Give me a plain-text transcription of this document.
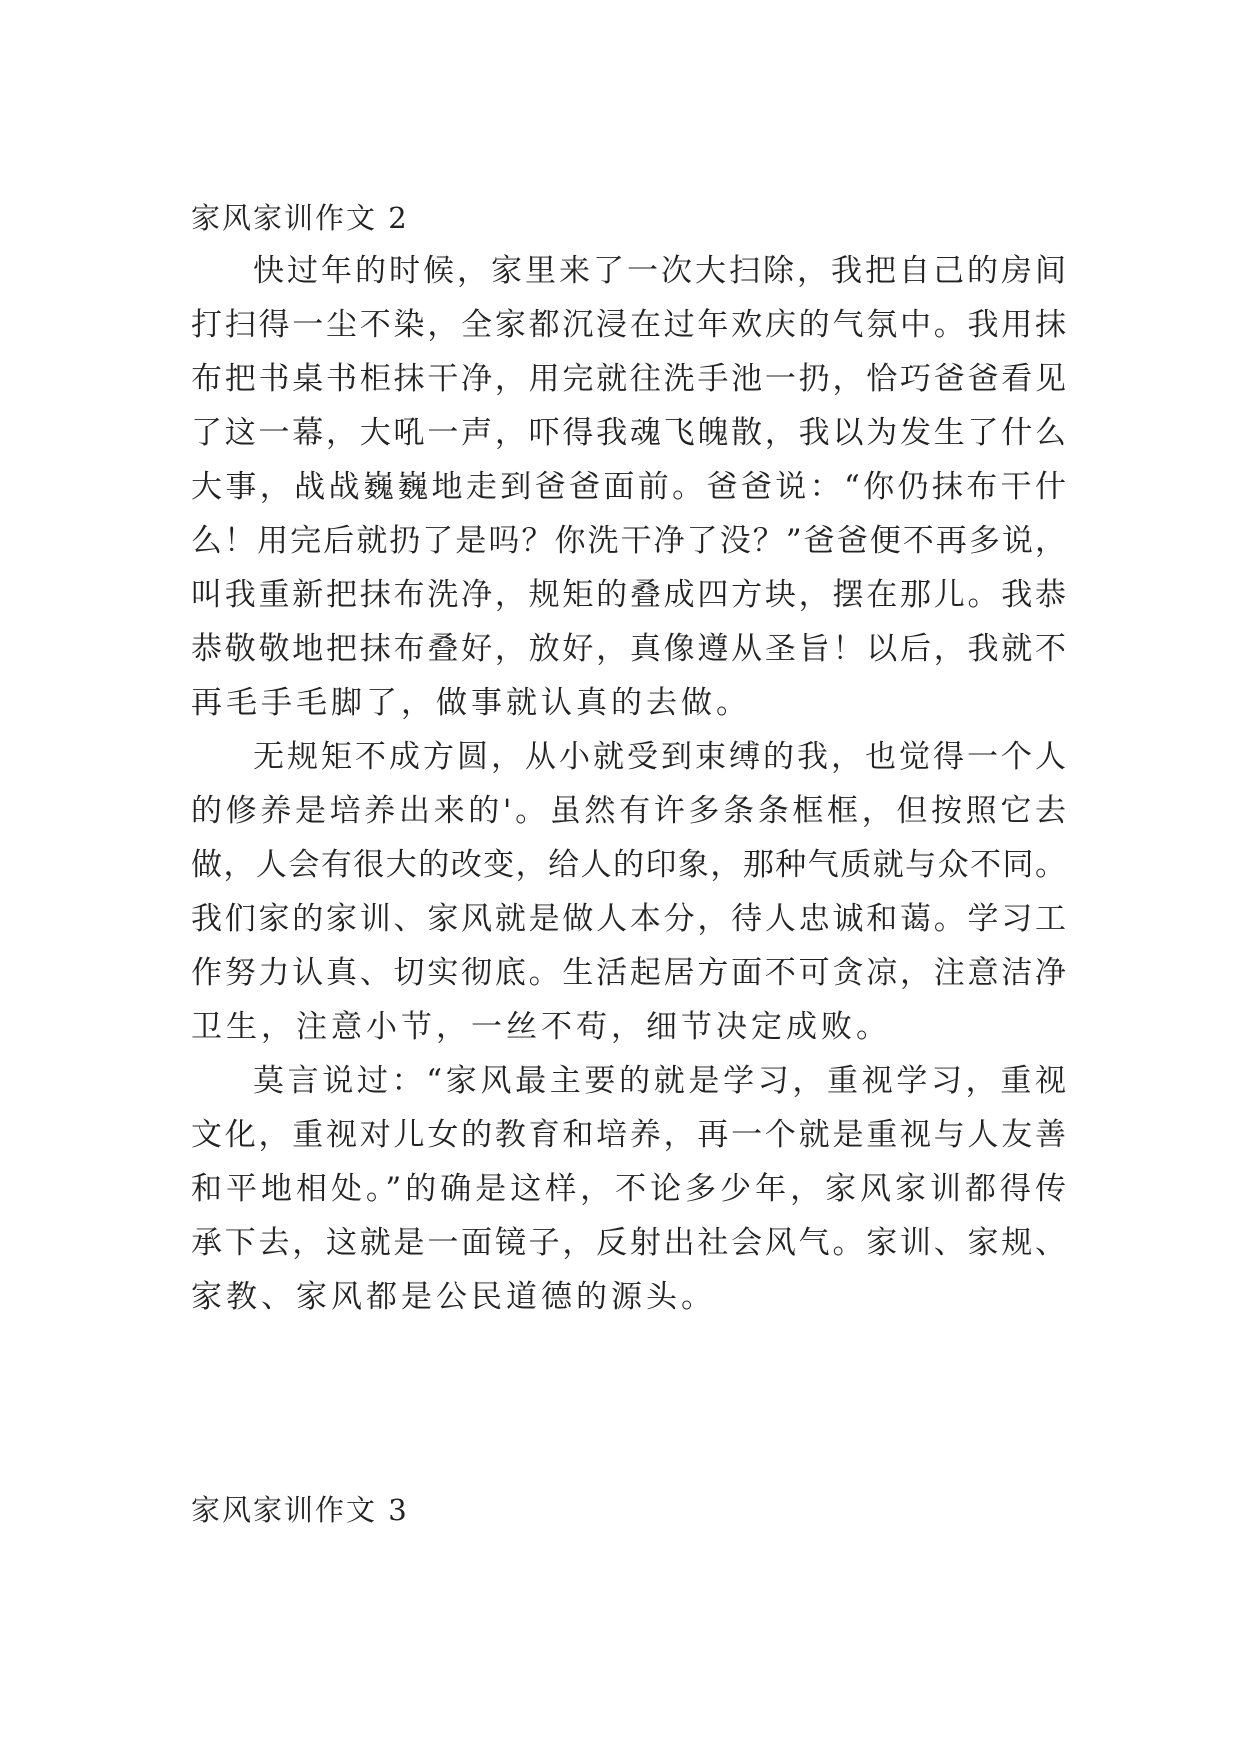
家风家训作文 2
快过年的时候，家里来了一次大扫除，我把自己的房间
打扫得一尘不染，全家都沉浸在过年欢庆的气氛中。我用抹
布把书桌书柜抹干净，用完就往洗手池一扔，恰巧爸爸看见
了这一幕，大吼一声，吓得我魂飞魄散，我以为发生了什么
大事，战战巍巍地走到爸爸面前。爸爸说：“你仍抹布干什
么！用完后就扔了是吗？你洗干净了没？”爸爸便不再多说，
叫我重新把抹布洗净，规矩的叠成四方块，摆在那儿。我恭
恭敬敬地把抹布叠好，放好，真像遵从圣旨！以后，我就不
再毛手毛脚了，做事就认真的去做。
无规矩不成方圆，从小就受到束缚的我，也觉得一个人
的修养是培养出来的'。虽然有许多条条框框，但按照它去
做，人会有很大的改变，给人的印象，那种气质就与众不同。
我们家的家训、家风就是做人本分，待人忠诚和蔼。学习工
作努力认真、切实彻底。生活起居方面不可贪凉，注意洁净
卫生，注意小节，一丝不苟，细节决定成败。
莫言说过：“家风最主要的就是学习，重视学习，重视
文化，重视对儿女的教育和培养，再一个就是重视与人友善
和平地相处。”的确是这样，不论多少年，家风家训都得传
承下去，这就是一面镜子，反射出社会风气。家训、家规、
家教、家风都是公民道德的源头。
家风家训作文 3
